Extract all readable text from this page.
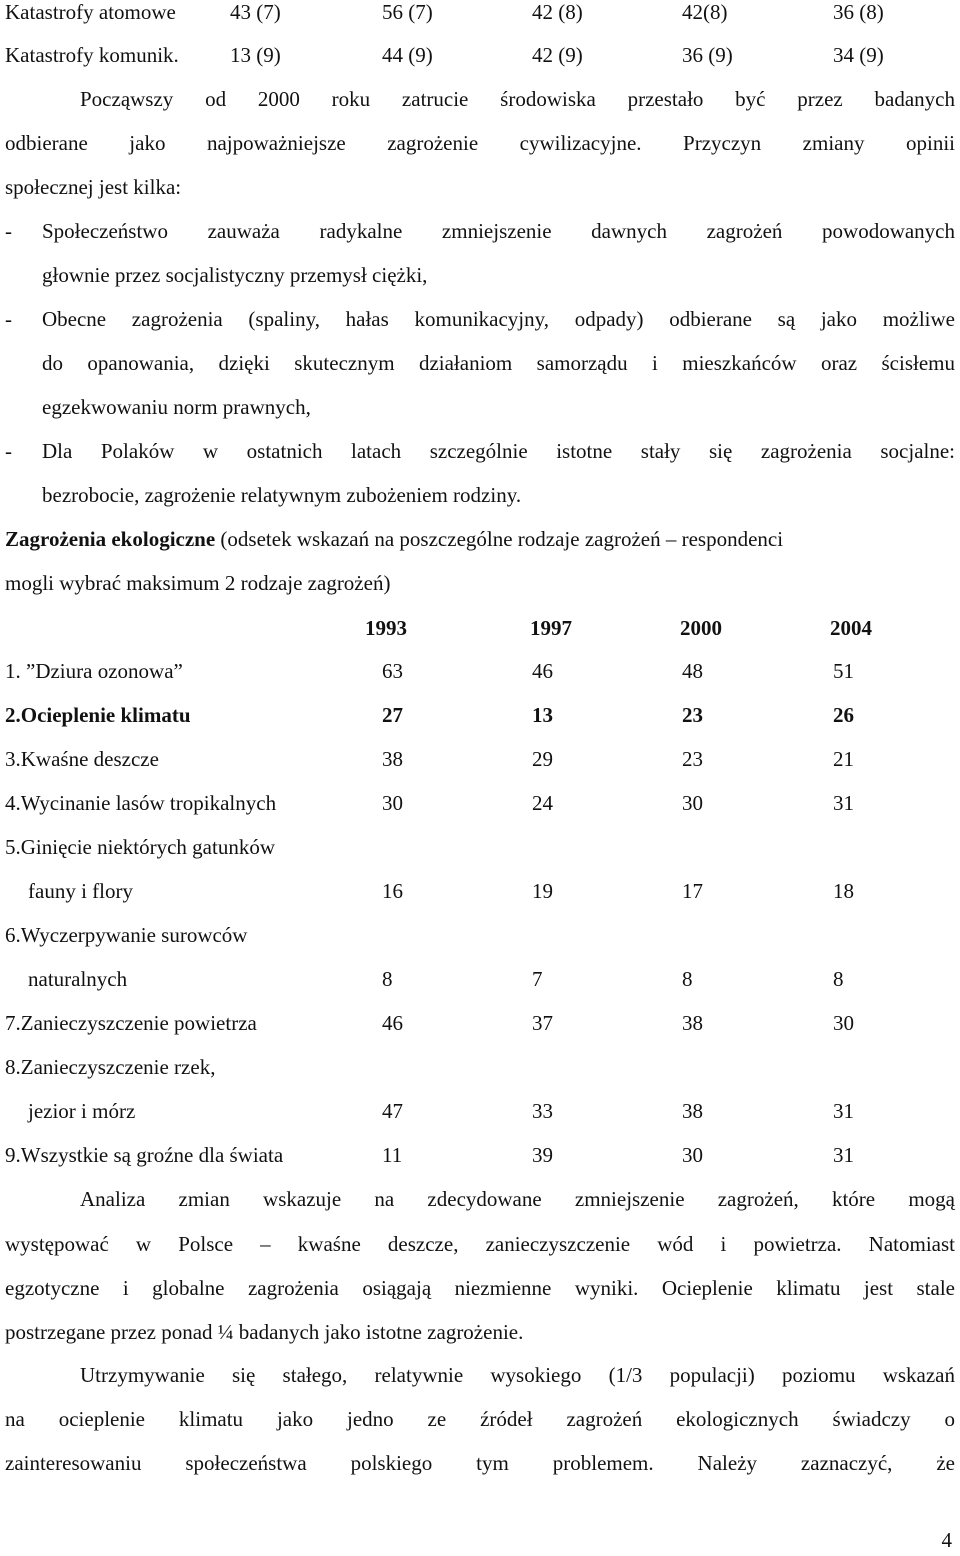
Katastrofy atomowe	43 (7)	56 (7)	42 (8)	42(8)	36 (8)
Katastrofy komunik. 13 (9)	44 (9)	42 (9)	36 (9)	34 (9)
Począwszy od 2000 roku zatrucie środowiska przestało być przez badanych
odbierane jako najpoważniejsze zagrożenie cywilizacyjne. Przyczyn zmiany opinii
społecznej jest kilka:
- Społeczeństwo zauważa radykalne zmniejszenie dawnych zagrożeń powodowanych
głownie przez socjalistyczny przemysł ciężki,
- Obecne zagrożenia (spaliny, hałas komunikacyjny, odpady) odbierane są jako możliwe
do opanowania, dzięki skutecznym działaniom samorządu i mieszkańców oraz ścisłemu
egzekwowaniu norm prawnych,
- Dla Polaków w ostatnich latach szczególnie istotne stały się zagrożenia socjalne:
bezrobocie, zagrożenie relatywnym zubożeniem rodziny.
Zagrożenia ekologiczne (odsetek wskazań na poszczególne rodzaje zagrożeń – respondenci
mogli wybrać maksimum 2 rodzaje zagrożeń)
1993	1997	2000	2004
1. ”Dziura ozonowa”	63	46	48	51
2.Ocieplenie klimatu	27	13	23	26
3.Kwaśne deszcze	38	29	23	21
4.Wycinanie lasów tropikalnych	30	24	30	31
5.Ginięcie niektórych gatunków
fauny i flory	16	19	17	18
6.Wyczerpywanie surowców
naturalnych	8	7	8	8
7.Zanieczyszczenie powietrza	46	37	38	30
8.Zanieczyszczenie rzek,
jezior i mórz	47	33	38	31
9.Wszystkie są groźne dla świata	11	39	30	31
Analiza zmian wskazuje na zdecydowane zmniejszenie zagrożeń, które mogą
występować w Polsce – kwaśne deszcze, zanieczyszczenie wód i powietrza. Natomiast
egzotyczne i globalne zagrożenia osiągają niezmienne wyniki. Ocieplenie klimatu jest stale
postrzegane przez ponad ¼ badanych jako istotne zagrożenie.
Utrzymywanie się stałego, relatywnie wysokiego (1/3 populacji) poziomu wskazań
na ocieplenie klimatu jako jedno ze źródeł zagrożeń ekologicznych świadczy o
zainteresowaniu społeczeństwa polskiego tym problemem. Należy zaznaczyć, że
4
